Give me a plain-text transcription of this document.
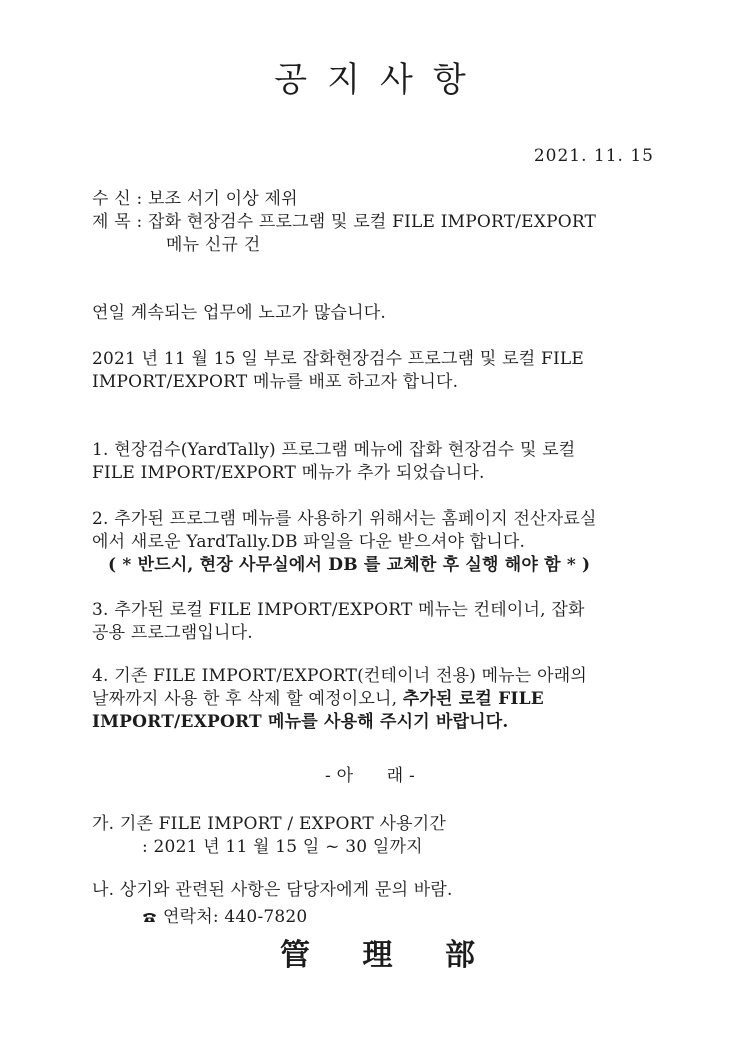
공지사항
2021. 11. 15
수 신 : 보조 서기 이상 제위
제 목 : 잡화 현장검수 프로그램 및 로컬 FILE IMPORT/EXPORT
메뉴 신규 건
연일 계속되는 업무에 노고가 많습니다.
2021 년 11 월 15 일 부로 잡화현장검수 프로그램 및 로컬 FILE
IMPORT/EXPORT 메뉴를 배포 하고자 합니다.
1. 현장검수(YardTally) 프로그램 메뉴에 잡화 현장검수 및 로컬
FILE IMPORT/EXPORT 메뉴가 추가 되었습니다.
2. 추가된 프로그램 메뉴를 사용하기 위해서는 홈페이지 전산자료실
에서 새로운 YardTally.DB 파일을 다운 받으셔야 합니다.
( * 반드시, 현장 사무실에서 DB 를 교체한 후 실행 해야 함 * )
3. 추가된 로컬 FILE IMPORT/EXPORT 메뉴는 컨테이너, 잡화
공용 프로그램입니다.
4. 기존 FILE IMPORT/EXPORT(컨테이너 전용) 메뉴는 아래의
날짜까지 사용 한 후 삭제 할 예정이오니, 추가된 로컬 FILE
IMPORT/EXPORT 메뉴를 사용해 주시기 바랍니다.
- 아      래 -
가. 기존 FILE IMPORT / EXPORT 사용기간
: 2021 년 11 월 15 일 ~ 30 일까지
나. 상기와 관련된 사항은 담당자에게 문의 바람.
연락처: 440-7820
管 理 部
